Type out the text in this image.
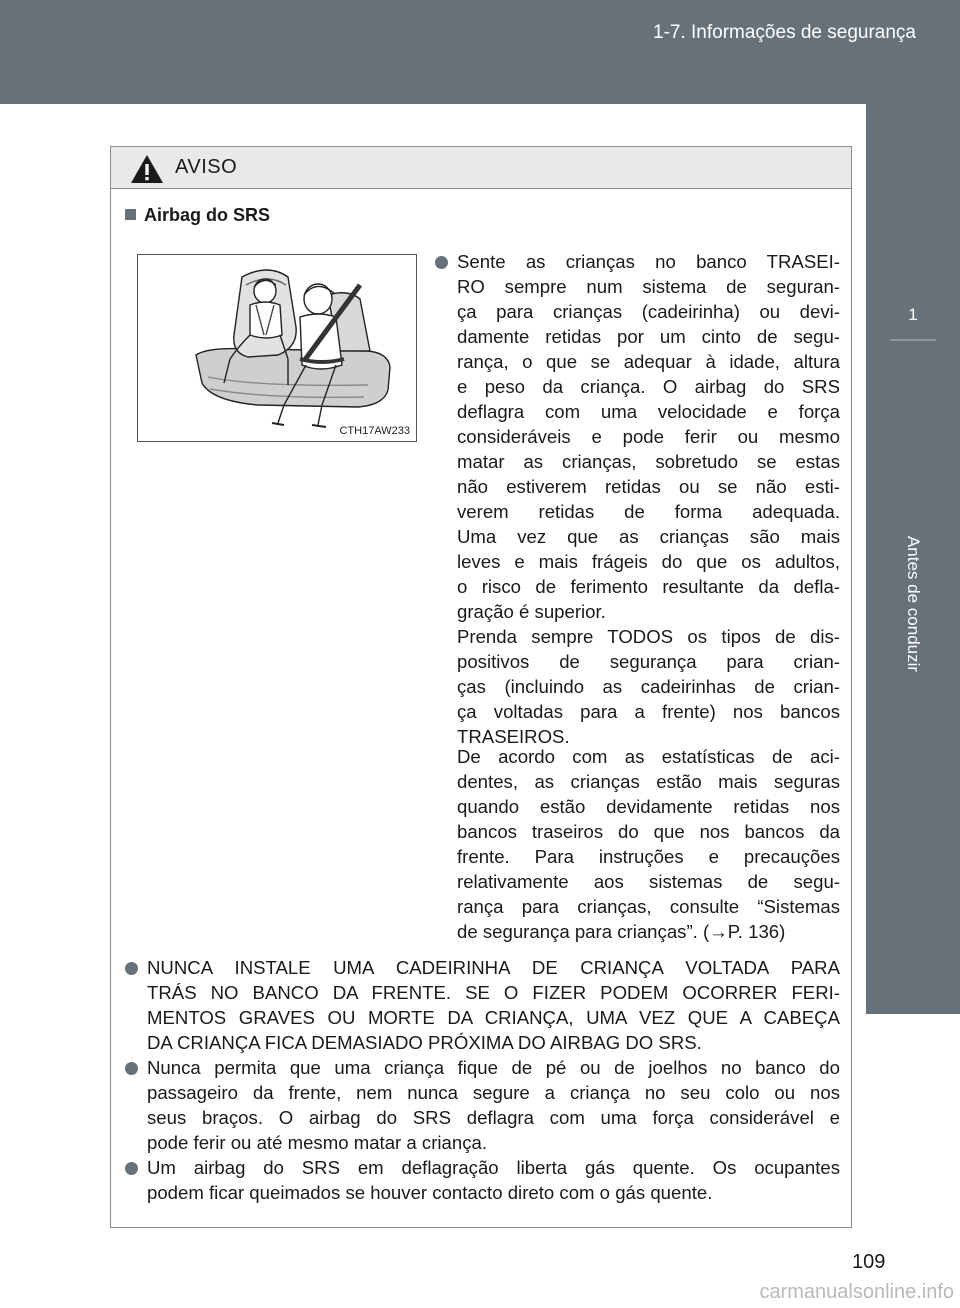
1-7. Informações de segurança
1
Antes de conduzir
AVISO
Airbag do SRS
CTH17AW233
Sente as crianças no banco TRASEI-
RO sempre num sistema de seguran-
ça para crianças (cadeirinha) ou devi-
damente retidas por um cinto de segu-
rança, o que se adequar à idade, altura
e peso da criança. O airbag do SRS
deflagra com uma velocidade e força
consideráveis e pode ferir ou mesmo
matar as crianças, sobretudo se estas
não estiverem retidas ou se não esti-
verem retidas de forma adequada.
Uma vez que as crianças são mais
leves e mais frágeis do que os adultos,
o risco de ferimento resultante da defla-
gração é superior.
Prenda sempre TODOS os tipos de dis-
positivos de segurança para crian-
ças (incluindo as cadeirinhas de crian-
ça voltadas para a frente) nos bancos
TRASEIROS.
De acordo com as estatísticas de aci-
dentes, as crianças estão mais seguras
quando estão devidamente retidas nos
bancos traseiros do que nos bancos da
frente. Para instruções e precauções
relativamente aos sistemas de segu-
rança para crianças, consulte “Sistemas
de segurança para crianças”. (→P. 136)
NUNCA INSTALE UMA CADEIRINHA DE CRIANÇA VOLTADA PARA
TRÁS NO BANCO DA FRENTE. SE O FIZER PODEM OCORRER FERI-
MENTOS GRAVES OU MORTE DA CRIANÇA, UMA VEZ QUE A CABEÇA
DA CRIANÇA FICA DEMASIADO PRÓXIMA DO AIRBAG DO SRS.
Nunca permita que uma criança fique de pé ou de joelhos no banco do
passageiro da frente, nem nunca segure a criança no seu colo ou nos
seus braços. O airbag do SRS deflagra com uma força considerável e
pode ferir ou até mesmo matar a criança.
Um airbag do SRS em deflagração liberta gás quente. Os ocupantes
podem ficar queimados se houver contacto direto com o gás quente.
109
carmanualsonline.info
